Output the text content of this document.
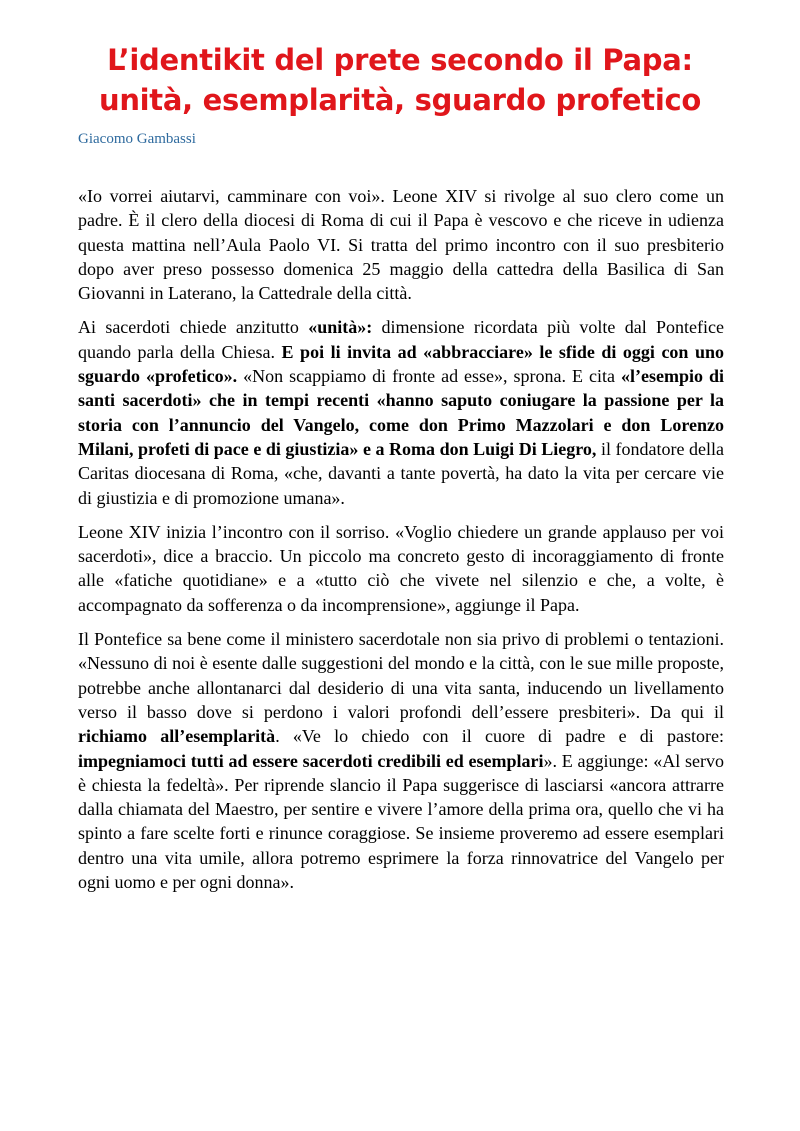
L’identikit del prete secondo il Papa: unità, esemplarità, sguardo profetico

Giacomo Gambassi

«Io vorrei aiutarvi, camminare con voi». Leone XIV si rivolge al suo clero come un padre. È il clero della diocesi di Roma di cui il Papa è vescovo e che riceve in udienza questa mattina nell’Aula Paolo VI. Si tratta del primo incontro con il suo presbiterio dopo aver preso possesso domenica 25 maggio della cattedra della Basilica di San Giovanni in Laterano, la Cattedrale della città.

Ai sacerdoti chiede anzitutto «unità»: dimensione ricordata più volte dal Pontefice quando parla della Chiesa. E poi li invita ad «abbracciare» le sfide di oggi con uno sguardo «profetico». «Non scappiamo di fronte ad esse», sprona. E cita «l’esempio di santi sacerdoti» che in tempi recenti «hanno saputo coniugare la passione per la storia con l’annuncio del Vangelo, come don Primo Mazzolari e don Lorenzo Milani, profeti di pace e di giustizia» e a Roma don Luigi Di Liegro, il fondatore della Caritas diocesana di Roma, «che, davanti a tante povertà, ha dato la vita per cercare vie di giustizia e di promozione umana».

Leone XIV inizia l’incontro con il sorriso. «Voglio chiedere un grande applauso per voi sacerdoti», dice a braccio. Un piccolo ma concreto gesto di incoraggiamento di fronte alle «fatiche quotidiane» e a «tutto ciò che vivete nel silenzio e che, a volte, è accompagnato da sofferenza o da incomprensione», aggiunge il Papa.

Il Pontefice sa bene come il ministero sacerdotale non sia privo di problemi o tentazioni. «Nessuno di noi è esente dalle suggestioni del mondo e la città, con le sue mille proposte, potrebbe anche allontanarci dal desiderio di una vita santa, inducendo un livellamento verso il basso dove si perdono i valori profondi dell’essere presbiteri». Da qui il richiamo all’esemplarità. «Ve lo chiedo con il cuore di padre e di pastore: impegniamoci tutti ad essere sacerdoti credibili ed esemplari». E aggiunge: «Al servo è chiesta la fedeltà». Per riprende slancio il Papa suggerisce di lasciarsi «ancora attrarre dalla chiamata del Maestro, per sentire e vivere l’amore della prima ora, quello che vi ha spinto a fare scelte forti e rinunce coraggiose. Se insieme proveremo ad essere esemplari dentro una vita umile, allora potremo esprimere la forza rinnovatrice del Vangelo per ogni uomo e per ogni donna».
